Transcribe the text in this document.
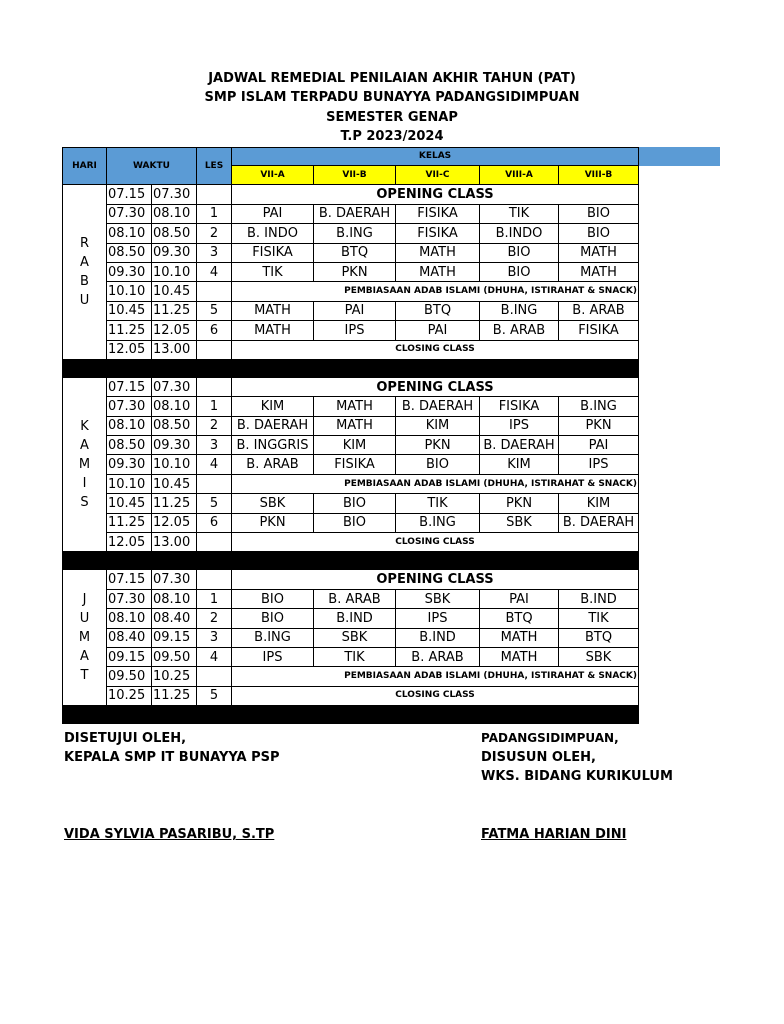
JADWAL REMEDIAL PENILAIAN AKHIR TAHUN (PAT)
SMP ISLAM TERPADU BUNAYYA PADANGSIDIMPUAN
SEMESTER GENAP
T.P 2023/2024
HARI	WAKTU		LES	KELAS				
				VII-A	VII-B	VII-C	VIII-A	VIII-B

R
A
B
U	07.15	07.30		OPENING CLASS				
	07.30	08.10	1	PAI	B. DAERAH	FISIKA	TIK	BIO
	08.10	08.50	2	B. INDO	B.ING	FISIKA	B.INDO	BIO
	08.50	09.30	3	FISIKA	BTQ	MATH	BIO	MATH
	09.30	10.10	4	TIK	PKN	MATH	BIO	MATH
	10.10	10.45		PEMBIASAAN ADAB ISLAMI (DHUHA, ISTIRAHAT & SNACK)				
	10.45	11.25	5	MATH	PAI	BTQ	B.ING	B. ARAB
	11.25	12.05	6	MATH	IPS	PAI	B. ARAB	FISIKA
	12.05	13.00		CLOSING CLASS				

K
A
M
I
S	07.15	07.30		OPENING CLASS				
	07.30	08.10	1	KIM	MATH	B. DAERAH	FISIKA	B.ING
	08.10	08.50	2	B. DAERAH	MATH	KIM	IPS	PKN
	08.50	09.30	3	B. INGGRIS	KIM	PKN	B. DAERAH	PAI
	09.30	10.10	4	B. ARAB	FISIKA	BIO	KIM	IPS
	10.10	10.45		PEMBIASAAN ADAB ISLAMI (DHUHA, ISTIRAHAT & SNACK)				
	10.45	11.25	5	SBK	BIO	TIK	PKN	KIM
	11.25	12.05	6	PKN	BIO	B.ING	SBK	B. DAERAH
	12.05	13.00		CLOSING CLASS				

J
U
M
A
T	07.15	07.30		OPENING CLASS				
	07.30	08.10	1	BIO	B. ARAB	SBK	PAI	B.IND
	08.10	08.40	2	BIO	B.IND	IPS	BTQ	TIK
	08.40	09.15	3	B.ING	SBK	B.IND	MATH	BTQ
	09.15	09.50	4	IPS	TIK	B. ARAB	MATH	SBK
	09.50	10.25		PEMBIASAAN ADAB ISLAMI (DHUHA, ISTIRAHAT & SNACK)				
	10.25	11.25	5	CLOSING CLASS				

DISETUJUI OLEH,
KEPALA SMP IT BUNAYYA PSP
VIDA SYLVIA PASARIBU, S.TP
PADANGSIDIMPUAN,
DISUSUN OLEH,
WKS. BIDANG KURIKULUM
FATMA HARIAN DINI
